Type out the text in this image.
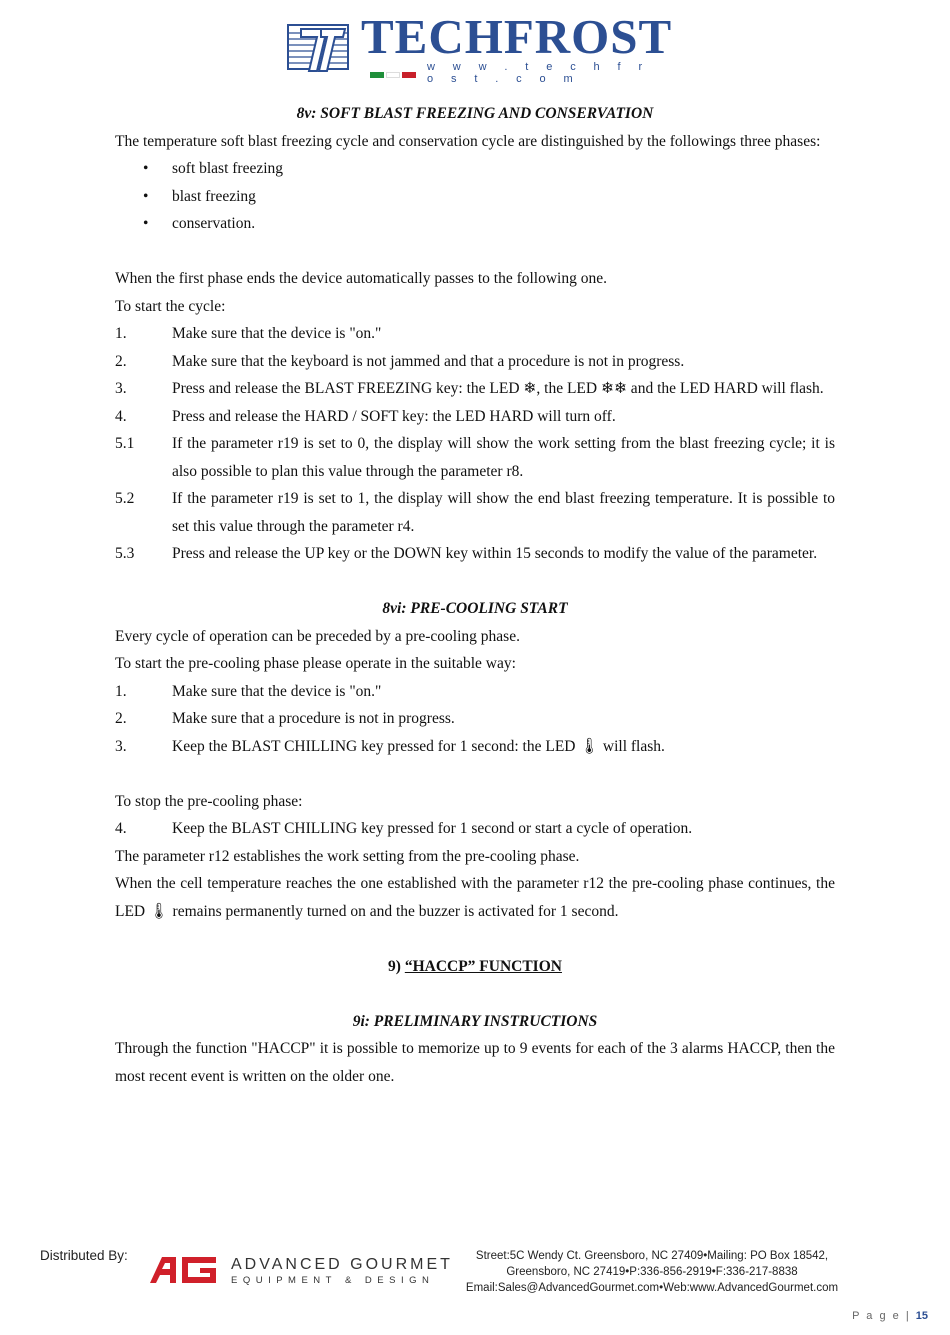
TECHFROST
w w w . t e c h f r o s t . c o m
8v: SOFT BLAST FREEZING AND CONSERVATION

The temperature soft blast freezing cycle and conservation cycle are distinguished by the followings three phases:

• soft blast freezing
• blast freezing
• conservation.

When the first phase ends the device automatically passes to the following one.

To start the cycle:

1.	Make sure that the device is "on."
2.	Make sure that the keyboard is not jammed and that a procedure is not in progress.
3.	Press and release the BLAST FREEZING key: the LED ❄, the LED ❄❄ and the LED HARD will flash.
4.	Press and release the HARD / SOFT key: the LED HARD will turn off.
5.1 If the parameter r19 is set to 0, the display will show the work setting from the blast freezing cycle; it is also possible to plan this value through the parameter r8.
5.2 If the parameter r19 is set to 1, the display will show the end blast freezing temperature. It is possible to set this value through the parameter r4.
5.3 Press and release the UP key or the DOWN key within 15 seconds to modify the value of the parameter.
8vi: PRE-COOLING START

Every cycle of operation can be preceded by a pre-cooling phase.

To start the pre-cooling phase please operate in the suitable way:

1.	Make sure that the device is "on."
2.	Make sure that a procedure is not in progress.
3.	Keep the BLAST CHILLING key pressed for 1 second: the LED 🌡 will flash.

To stop the pre-cooling phase:

4.	Keep the BLAST CHILLING key pressed for 1 second or start a cycle of operation.

The parameter r12 establishes the work setting from the pre-cooling phase.

When the cell temperature reaches the one established with the parameter r12 the pre-cooling phase continues, the LED 🌡 remains permanently turned on and the buzzer is activated for 1 second.

9) “HACCP” FUNCTION
9i: PRELIMINARY INSTRUCTIONS

Through the function "HACCP" it is possible to memorize up to 9 events for each of the 3 alarms HACCP, then the most recent event is written on the older one.

Distributed By:
ADVANCED GOURMET
EQUIPMENT & DESIGN
Street:5C Wendy Ct. Greensboro, NC 27409•Mailing: PO Box 18542,
Greensboro, NC 27419•P:336-856-2919•F:336-217-8838
Email:Sales@AdvancedGourmet.com•Web:www.AdvancedGourmet.com
P a g e | 15
